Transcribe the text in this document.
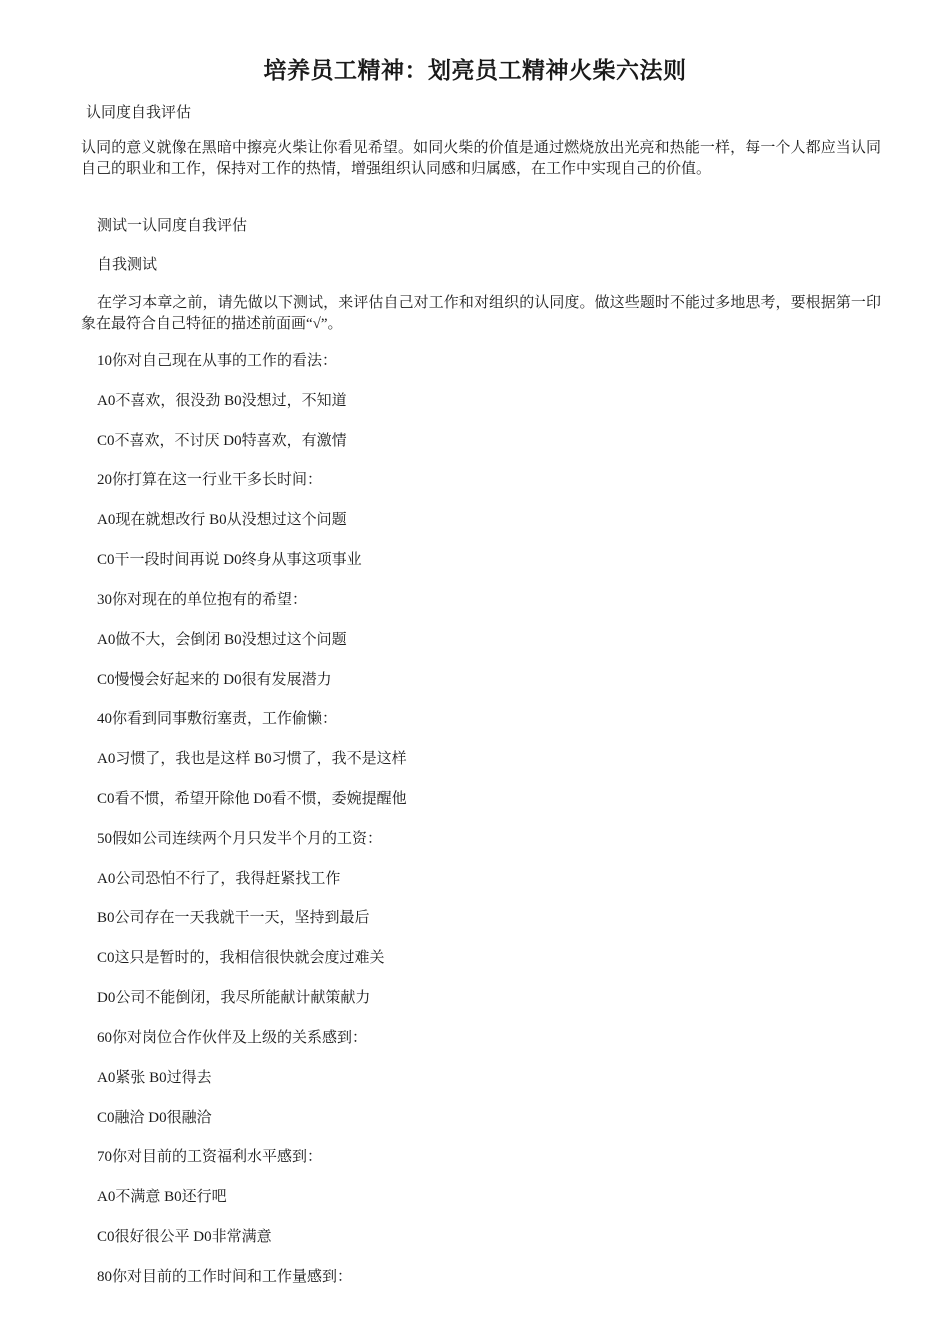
培养员工精神：划亮员工精神火柴六法则
认同度自我评估
认同的意义就像在黑暗中擦亮火柴让你看见希望。如同火柴的价值是通过燃烧放出光亮和热能一样，每一个人都应当认同自己的职业和工作，保持对工作的热情，增强组织认同感和归属感，在工作中实现自己的价值。
测试一认同度自我评估
自我测试
在学习本章之前，请先做以下测试，来评估自己对工作和对组织的认同度。做这些题时不能过多地思考，要根据第一印象在最符合自己特征的描述前面画“√”。
10你对自己现在从事的工作的看法：
A0不喜欢，很没劲 B0没想过，不知道
C0不喜欢，不讨厌 D0特喜欢，有激情
20你打算在这一行业干多长时间：
A0现在就想改行 B0从没想过这个问题
C0干一段时间再说 D0终身从事这项事业
30你对现在的单位抱有的希望：
A0做不大，会倒闭 B0没想过这个问题
C0慢慢会好起来的 D0很有发展潜力
40你看到同事敷衍塞责，工作偷懒：
A0习惯了，我也是这样 B0习惯了，我不是这样
C0看不惯，希望开除他 D0看不惯，委婉提醒他
50假如公司连续两个月只发半个月的工资：
A0公司恐怕不行了，我得赶紧找工作
B0公司存在一天我就干一天，坚持到最后
C0这只是暂时的，我相信很快就会度过难关
D0公司不能倒闭，我尽所能献计献策献力
60你对岗位合作伙伴及上级的关系感到：
A0紧张 B0过得去
C0融洽 D0很融洽
70你对目前的工资福利水平感到：
A0不满意 B0还行吧
C0很好很公平 D0非常满意
80你对目前的工作时间和工作量感到：
